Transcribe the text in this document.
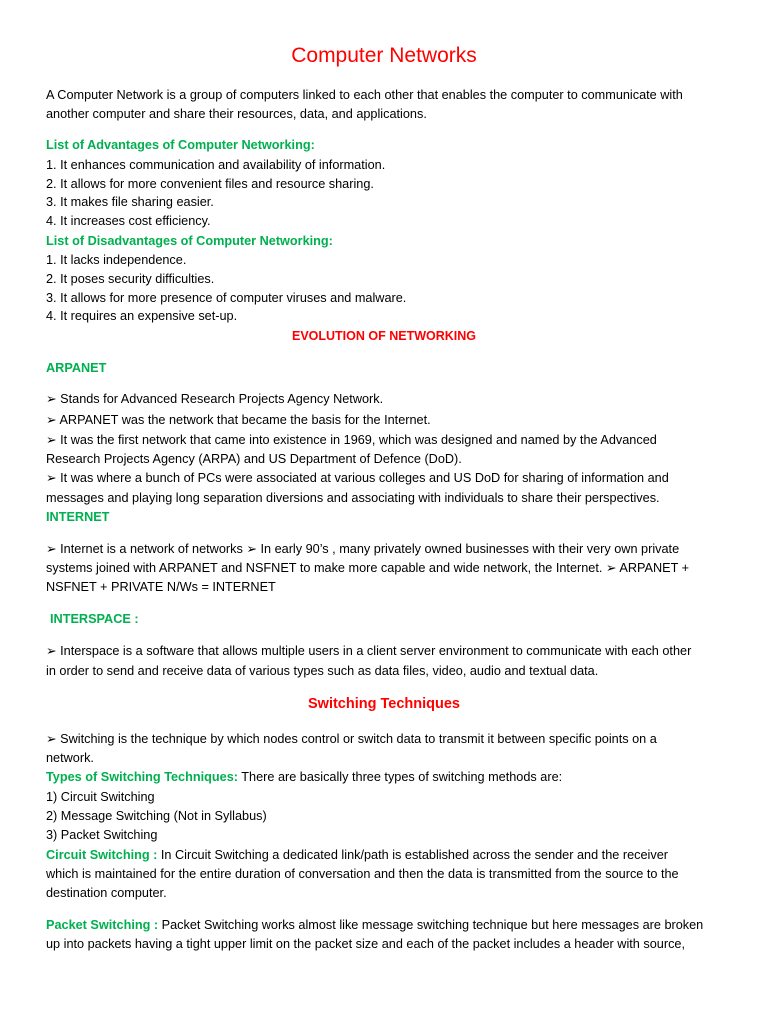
Computer Networks
A Computer Network is a group of computers linked to each other that enables the computer to communicate with
another computer and share their resources, data, and applications.
List of Advantages of Computer Networking:
1. It enhances communication and availability of information.
2. It allows for more convenient files and resource sharing.
3. It makes file sharing easier.
4. It increases cost efficiency.
List of Disadvantages of Computer Networking:
1. It lacks independence.
2. It poses security difficulties.
3. It allows for more presence of computer viruses and malware.
4. It requires an expensive set-up.
EVOLUTION OF NETWORKING
ARPANET
➢ Stands for Advanced Research Projects Agency Network.
➢ ARPANET was the network that became the basis for the Internet.
➢ It was the first network that came into existence in 1969, which was designed and named by the Advanced
Research Projects Agency (ARPA) and US Department of Defence (DoD).
➢ It was where a bunch of PCs were associated at various colleges and US DoD for sharing of information and
messages and playing long separation diversions and associating with individuals to share their perspectives.
INTERNET
➢ Internet is a network of networks ➢ In early 90’s , many privately owned businesses with their very own private
systems joined with ARPANET and NSFNET to make more capable and wide network, the Internet. ➢ ARPANET +
NSFNET + PRIVATE N/Ws = INTERNET
INTERSPACE :
➢ Interspace is a software that allows multiple users in a client server environment to communicate with each other
in order to send and receive data of various types such as data files, video, audio and textual data.
Switching Techniques
➢ Switching is the technique by which nodes control or switch data to transmit it between specific points on a
network.
Types of Switching Techniques: There are basically three types of switching methods are:
1) Circuit Switching
2) Message Switching (Not in Syllabus)
3) Packet Switching
Circuit Switching : In Circuit Switching a dedicated link/path is established across the sender and the receiver
which is maintained for the entire duration of conversation and then the data is transmitted from the source to the
destination computer.
Packet Switching : Packet Switching works almost like message switching technique but here messages are broken
up into packets having a tight upper limit on the packet size and each of the packet includes a header with source,
